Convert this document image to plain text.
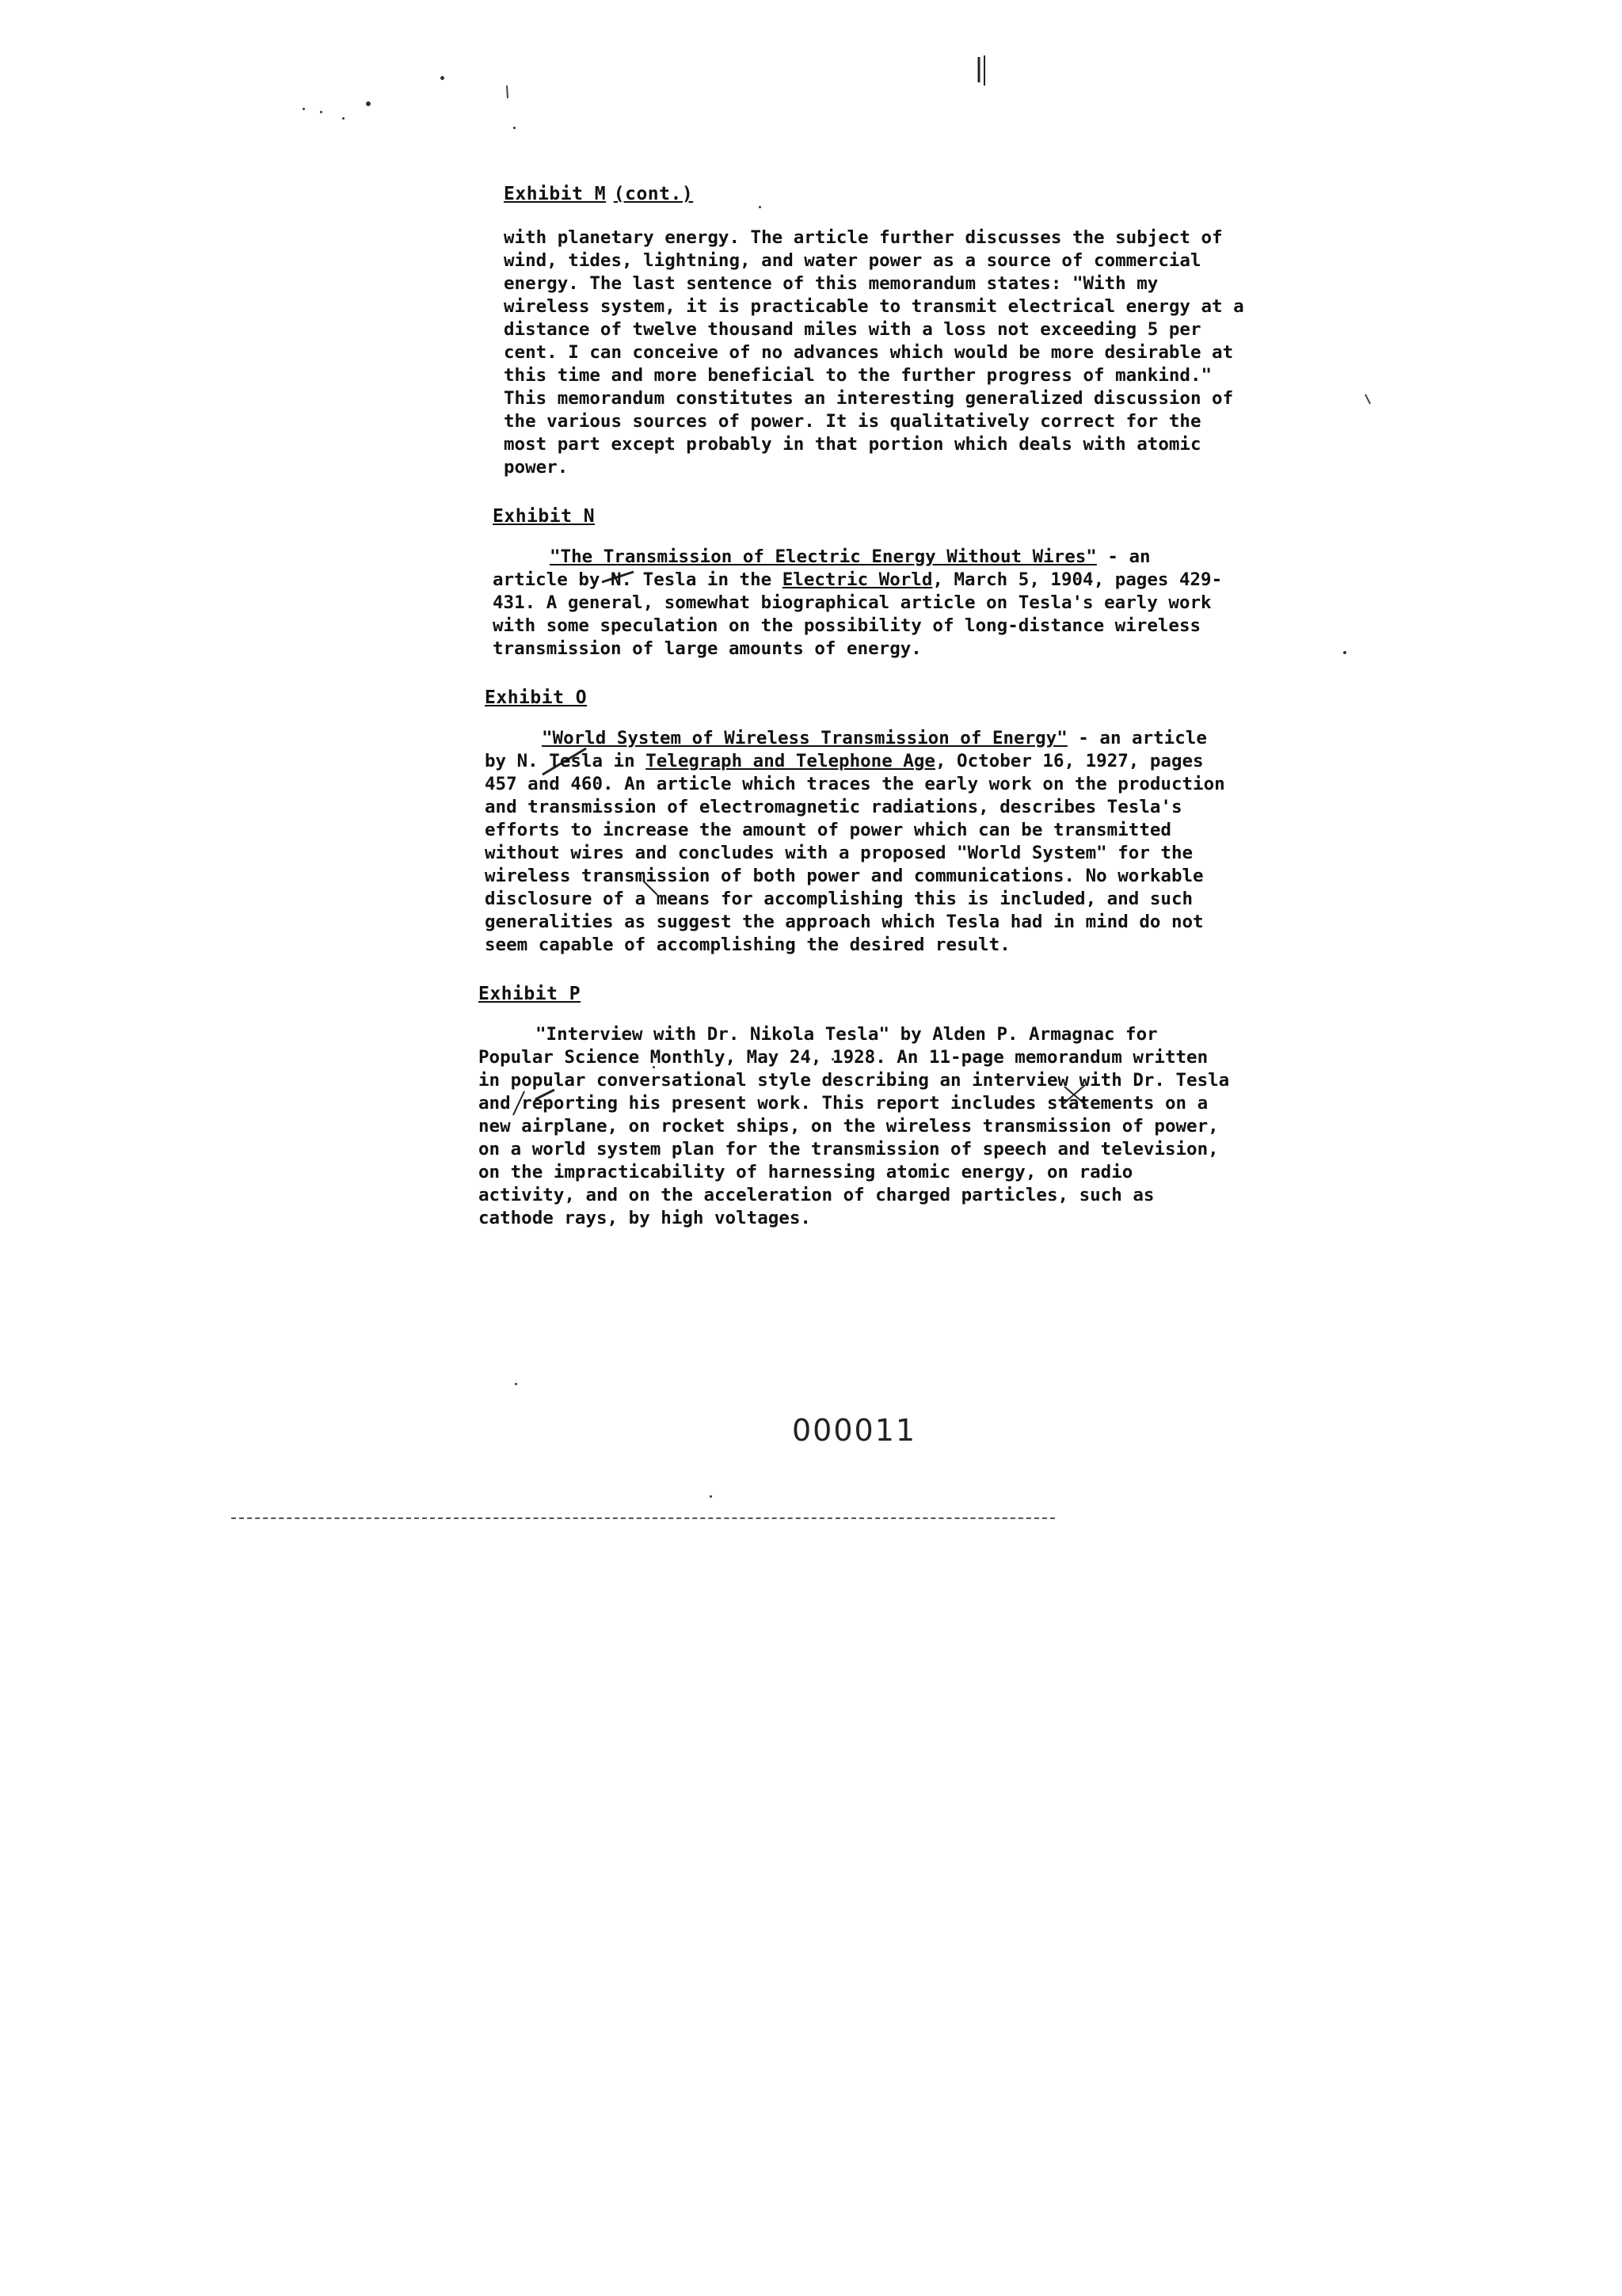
Exhibit M (cont.)

with planetary energy. The article further discusses the subject of wind, tides, lightning, and water power as a source of commercial energy. The last sentence of this memorandum states: "With my wireless system, it is practicable to transmit electrical energy at a distance of twelve thousand miles with a loss not exceeding 5 per cent. I can conceive of no advances which would be more desirable at this time and more beneficial to the further progress of mankind." This memorandum constitutes an interesting generalized discussion of the various sources of power. It is qualitatively correct for the most part except probably in that portion which deals with atomic power.

Exhibit N

"The Transmission of Electric Energy Without Wires" - an article by N. Tesla in the Electric World, March 5, 1904, pages 429-431. A general, somewhat biographical article on Tesla's early work with some speculation on the possibility of long-distance wireless transmission of large amounts of energy.

Exhibit O

"World System of Wireless Transmission of Energy" - an article by N. Tesla in Telegraph and Telephone Age, October 16, 1927, pages 457 and 460. An article which traces the early work on the production and transmission of electromagnetic radiations, describes Tesla's efforts to increase the amount of power which can be transmitted without wires and concludes with a proposed "World System" for the wireless transmission of both power and communications. No workable disclosure of a means for accomplishing this is included, and such generalities as suggest the approach which Tesla had in mind do not seem capable of accomplishing the desired result.

Exhibit P

"Interview with Dr. Nikola Tesla" by Alden P. Armagnac for Popular Science Monthly, May 24, 1928. An 11-page memorandum written in popular conversational style describing an interview with Dr. Tesla and reporting his present work. This report includes statements on a new airplane, on rocket ships, on the wireless transmission of power, on a world system plan for the transmission of speech and television, on the impracticability of harnessing atomic energy, on radio activity, and on the acceleration of charged particles, such as cathode rays, by high voltages.

000011
